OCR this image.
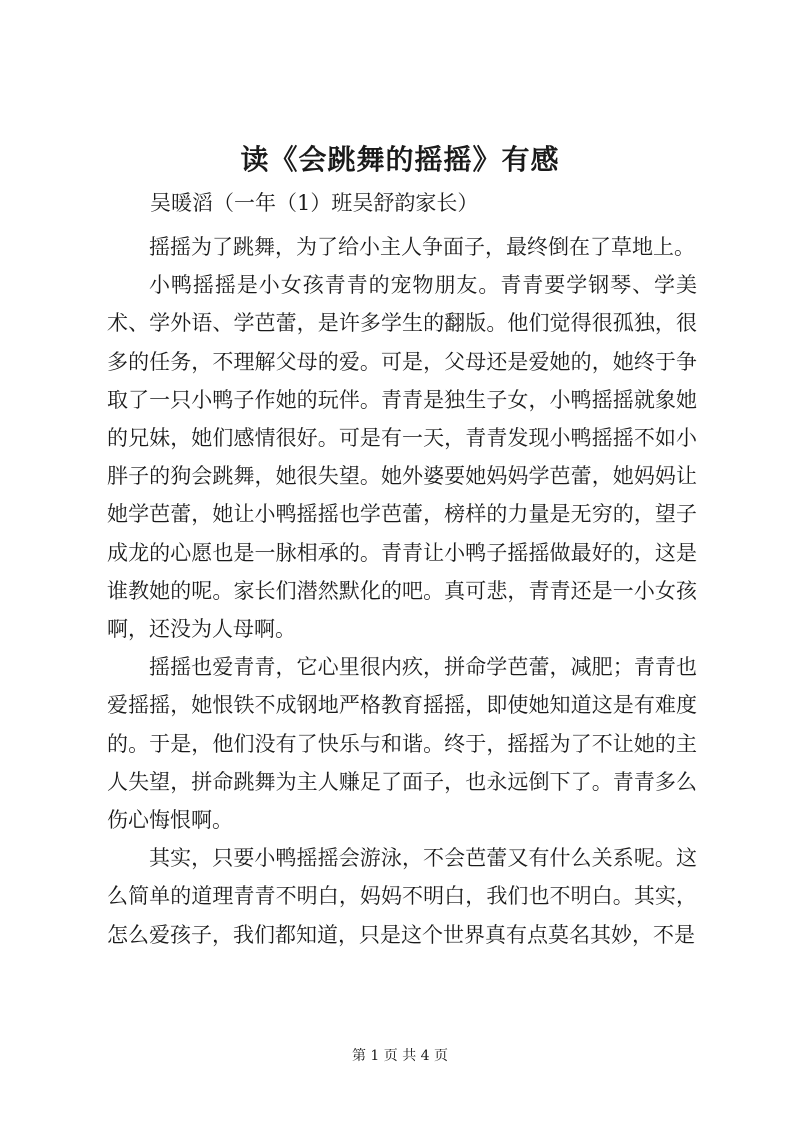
读《会跳舞的摇摇》有感
吴暖滔（一年（1）班吴舒韵家长）

摇摇为了跳舞，为了给小主人争面子，最终倒在了草地上。

小鸭摇摇是小女孩青青的宠物朋友。青青要学钢琴、学美术、学外语、学芭蕾，是许多学生的翻版。他们觉得很孤独，很多的任务，不理解父母的爱。可是，父母还是爱她的，她终于争取了一只小鸭子作她的玩伴。青青是独生子女，小鸭摇摇就象她的兄妹，她们感情很好。可是有一天，青青发现小鸭摇摇不如小胖子的狗会跳舞，她很失望。她外婆要她妈妈学芭蕾，她妈妈让她学芭蕾，她让小鸭摇摇也学芭蕾，榜样的力量是无穷的，望子成龙的心愿也是一脉相承的。青青让小鸭子摇摇做最好的，这是谁教她的呢。家长们潜然默化的吧。真可悲，青青还是一小女孩啊，还没为人母啊。

摇摇也爱青青，它心里很内疚，拼命学芭蕾，减肥；青青也爱摇摇，她恨铁不成钢地严格教育摇摇，即使她知道这是有难度的。于是，他们没有了快乐与和谐。终于，摇摇为了不让她的主人失望，拼命跳舞为主人赚足了面子，也永远倒下了。青青多么伤心悔恨啊。

其实，只要小鸭摇摇会游泳，不会芭蕾又有什么关系呢。这么简单的道理青青不明白，妈妈不明白，我们也不明白。其实，怎么爱孩子，我们都知道，只是这个世界真有点莫名其妙，不是

第 1 页 共 4 页
